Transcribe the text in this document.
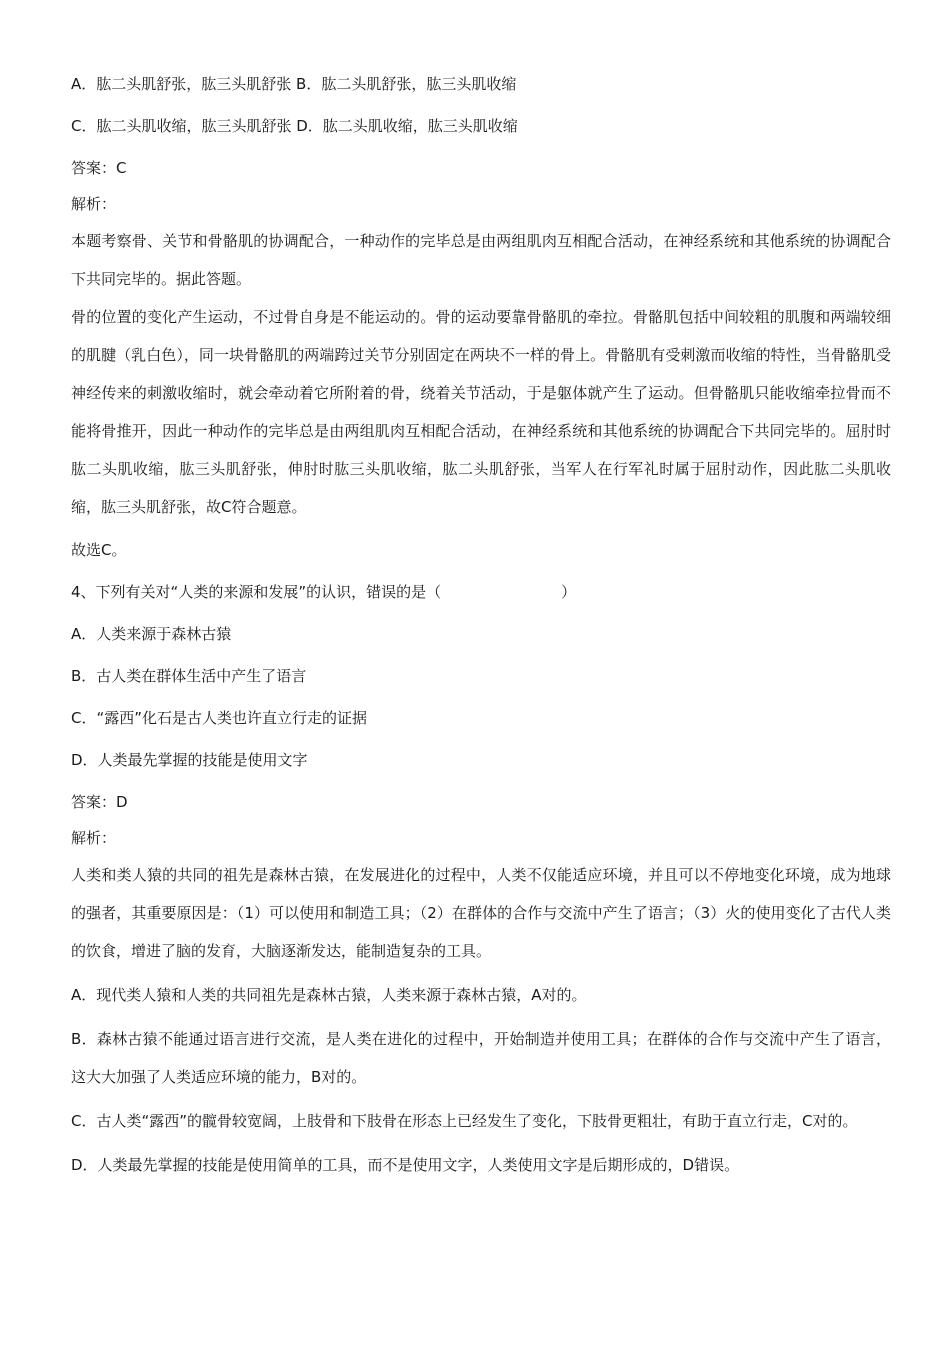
A．肱二头肌舒张，肱三头肌舒张 B．肱二头肌舒张，肱三头肌收缩
C．肱二头肌收缩，肱三头肌舒张 D．肱二头肌收缩，肱三头肌收缩
答案：C
解析：
本题考察骨、关节和骨骼肌的协调配合，一种动作的完毕总是由两组肌肉互相配合活动，在神经系统和其他系统的协调配合下共同完毕的。据此答题。
骨的位置的变化产生运动，不过骨自身是不能运动的。骨的运动要靠骨骼肌的牵拉。骨骼肌包括中间较粗的肌腹和两端较细的肌腱（乳白色），同一块骨骼肌的两端跨过关节分别固定在两块不一样的骨上。骨骼肌有受刺激而收缩的特性，当骨骼肌受神经传来的刺激收缩时，就会牵动着它所附着的骨，绕着关节活动，于是躯体就产生了运动。但骨骼肌只能收缩牵拉骨而不能将骨推开，因此一种动作的完毕总是由两组肌肉互相配合活动，在神经系统和其他系统的协调配合下共同完毕的。屈肘时肱二头肌收缩，肱三头肌舒张，伸肘时肱三头肌收缩，肱二头肌舒张，当军人在行军礼时属于屈肘动作，因此肱二头肌收缩，肱三头肌舒张，故C符合题意。
故选C。
4、下列有关对“人类的来源和发展”的认识，错误的是（	）
A．人类来源于森林古猿
B．古人类在群体生活中产生了语言
C．“露西”化石是古人类也许直立行走的证据
D．人类最先掌握的技能是使用文字
答案：D
解析：
人类和类人猿的共同的祖先是森林古猿，在发展进化的过程中，人类不仅能适应环境，并且可以不停地变化环境，成为地球的强者，其重要原因是：（1）可以使用和制造工具；（2）在群体的合作与交流中产生了语言；（3）火的使用变化了古代人类的饮食，增进了脑的发育，大脑逐渐发达，能制造复杂的工具。
A．现代类人猿和人类的共同祖先是森林古猿，人类来源于森林古猿，A对的。
B．森林古猿不能通过语言进行交流，是人类在进化的过程中，开始制造并使用工具；在群体的合作与交流中产生了语言，这大大加强了人类适应环境的能力，B对的。
C．古人类“露西”的髋骨较宽阔，上肢骨和下肢骨在形态上已经发生了变化，下肢骨更粗壮，有助于直立行走，C对的。
D．人类最先掌握的技能是使用简单的工具，而不是使用文字，人类使用文字是后期形成的，D错误。
